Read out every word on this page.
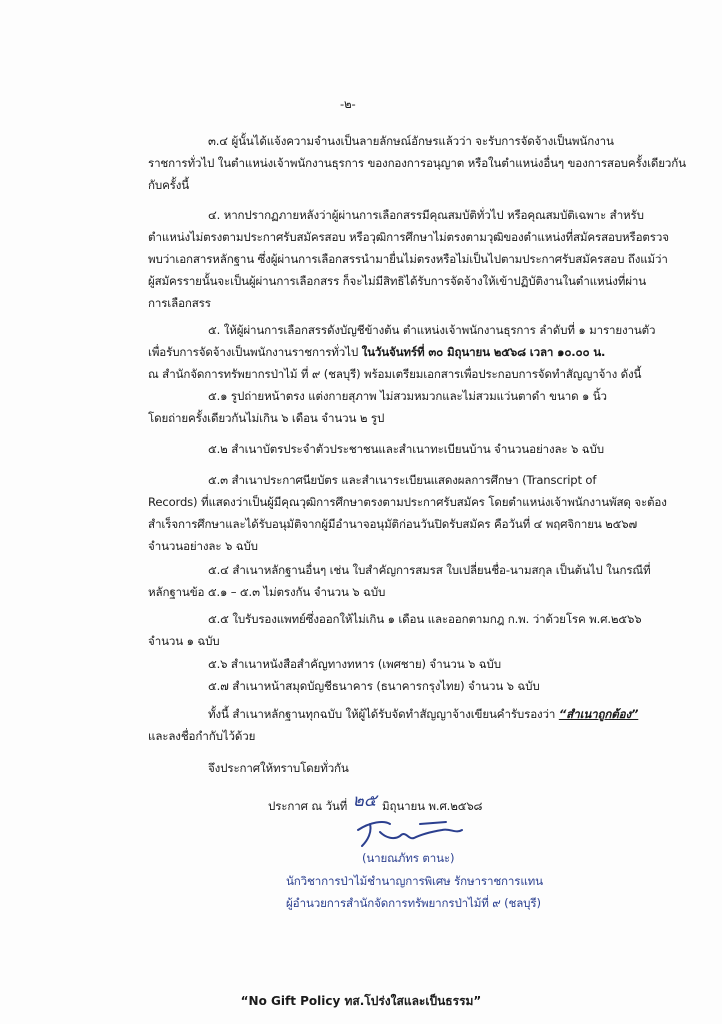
-๒-
๓.๔ ผู้นั้นได้แจ้งความจำนงเป็นลายลักษณ์อักษรแล้วว่า จะรับการจัดจ้างเป็นพนักงาน
ราชการทั่วไป ในตำแหน่งเจ้าพนักงานธุรการ ของกองการอนุญาต หรือในตำแหน่งอื่นๆ ของการสอบครั้งเดียวกัน
กับครั้งนี้
๔. หากปรากฏภายหลังว่าผู้ผ่านการเลือกสรรมีคุณสมบัติทั่วไป หรือคุณสมบัติเฉพาะ สำหรับ
ตำแหน่งไม่ตรงตามประกาศรับสมัครสอบ หรือวุฒิการศึกษาไม่ตรงตามวุฒิของตำแหน่งที่สมัครสอบหรือตรวจ
พบว่าเอกสารหลักฐาน ซึ่งผู้ผ่านการเลือกสรรนำมายื่นไม่ตรงหรือไม่เป็นไปตามประกาศรับสมัครสอบ ถึงแม้ว่า
ผู้สมัครรายนั้นจะเป็นผู้ผ่านการเลือกสรร ก็จะไม่มีสิทธิได้รับการจัดจ้างให้เข้าปฏิบัติงานในตำแหน่งที่ผ่าน
การเลือกสรร
๕. ให้ผู้ผ่านการเลือกสรรดังบัญชีข้างต้น ตำแหน่งเจ้าพนักงานธุรการ ลำดับที่ ๑ มารายงานตัว
เพื่อรับการจัดจ้างเป็นพนักงานราชการทั่วไป ในวันจันทร์ที่ ๓๐ มิถุนายน ๒๕๖๘ เวลา ๑๐.๐๐ น.
ณ สำนักจัดการทรัพยากรป่าไม้ ที่ ๙ (ชลบุรี) พร้อมเตรียมเอกสารเพื่อประกอบการจัดทำสัญญาจ้าง ดังนี้
๕.๑ รูปถ่ายหน้าตรง แต่งกายสุภาพ ไม่สวมหมวกและไม่สวมแว่นตาดำ ขนาด ๑ นิ้ว
โดยถ่ายครั้งเดียวกันไม่เกิน ๖ เดือน จำนวน ๒ รูป
๕.๒ สำเนาบัตรประจำตัวประชาชนและสำเนาทะเบียนบ้าน จำนวนอย่างละ ๖ ฉบับ
๕.๓ สำเนาประกาศนียบัตร และสำเนาระเบียนแสดงผลการศึกษา (Transcript of
Records) ที่แสดงว่าเป็นผู้มีคุณวุฒิการศึกษาตรงตามประกาศรับสมัคร โดยตำแหน่งเจ้าพนักงานพัสดุ จะต้อง
สำเร็จการศึกษาและได้รับอนุมัติจากผู้มีอำนาจอนุมัติก่อนวันปิดรับสมัคร คือวันที่ ๔ พฤศจิกายน ๒๕๖๗
จำนวนอย่างละ ๖ ฉบับ
๕.๔ สำเนาหลักฐานอื่นๆ เช่น ใบสำคัญการสมรส ใบเปลี่ยนชื่อ-นามสกุล เป็นต้นไป ในกรณีที่
หลักฐานข้อ ๕.๑ – ๕.๓ ไม่ตรงกัน จำนวน ๖ ฉบับ
๕.๕ ใบรับรองแพทย์ซึ่งออกให้ไม่เกิน ๑ เดือน และออกตามกฎ ก.พ. ว่าด้วยโรค พ.ศ.๒๕๖๖
จำนวน ๑ ฉบับ
๕.๖ สำเนาหนังสือสำคัญทางทหาร (เพศชาย) จำนวน ๖ ฉบับ
๕.๗ สำเนาหน้าสมุดบัญชีธนาคาร (ธนาคารกรุงไทย) จำนวน ๖ ฉบับ
ทั้งนี้ สำเนาหลักฐานทุกฉบับ ให้ผู้ได้รับจัดทำสัญญาจ้างเขียนคำรับรองว่า “สำเนาถูกต้อง”
และลงชื่อกำกับไว้ด้วย
จึงประกาศให้ทราบโดยทั่วกัน
ประกาศ ณ วันที่ ๒๕ มิถุนายน พ.ศ.๒๕๖๘
(นายณภัทร ตานะ)
นักวิชาการป่าไม้ชำนาญการพิเศษ รักษาราชการแทน
ผู้อำนวยการสำนักจัดการทรัพยากรป่าไม้ที่ ๙ (ชลบุรี)
“No Gift Policy ทส.โปร่งใสและเป็นธรรม”
